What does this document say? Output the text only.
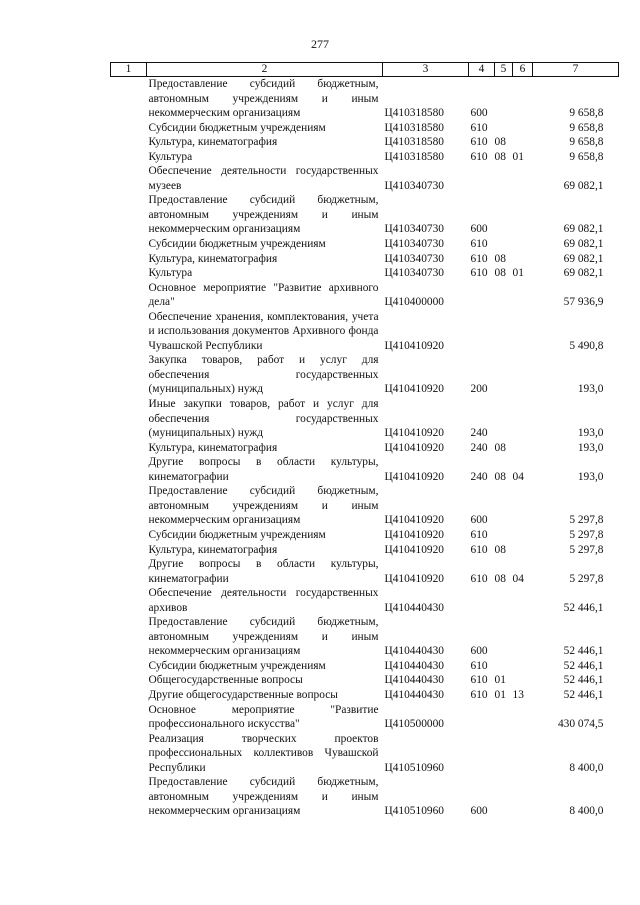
277
1	2	3	4	5	6	7
	Предоставление субсидий бюджетным, автономным учреждениям и иным некоммерческим организациям	Ц410318580	600			9 658,8
	Субсидии бюджетным учреждениям	Ц410318580	610			9 658,8
	Культура, кинематография	Ц410318580	610	08		9 658,8
	Культура	Ц410318580	610	08	01	9 658,8
	Обеспечение деятельности государственных музеев	Ц410340730				69 082,1
	Предоставление субсидий бюджетным, автономным учреждениям и иным некоммерческим организациям	Ц410340730	600			69 082,1
	Субсидии бюджетным учреждениям	Ц410340730	610			69 082,1
	Культура, кинематография	Ц410340730	610	08		69 082,1
	Культура	Ц410340730	610	08	01	69 082,1
	Основное мероприятие "Развитие архивного дела"	Ц410400000				57 936,9
	Обеспечение хранения, комплектования, учета и использования документов Архивного фонда Чувашской Республики	Ц410410920				5 490,8
	Закупка товаров, работ и услуг для обеспечения государственных (муниципальных) нужд	Ц410410920	200			193,0
	Иные закупки товаров, работ и услуг для обеспечения государственных (муниципальных) нужд	Ц410410920	240			193,0
	Культура, кинематография	Ц410410920	240	08		193,0
	Другие вопросы в области культуры, кинематографии	Ц410410920	240	08	04	193,0
	Предоставление субсидий бюджетным, автономным учреждениям и иным некоммерческим организациям	Ц410410920	600			5 297,8
	Субсидии бюджетным учреждениям	Ц410410920	610			5 297,8
	Культура, кинематография	Ц410410920	610	08		5 297,8
	Другие вопросы в области культуры, кинематографии	Ц410410920	610	08	04	5 297,8
	Обеспечение деятельности государственных архивов	Ц410440430				52 446,1
	Предоставление субсидий бюджетным, автономным учреждениям и иным некоммерческим организациям	Ц410440430	600			52 446,1
	Субсидии бюджетным учреждениям	Ц410440430	610			52 446,1
	Общегосударственные вопросы	Ц410440430	610	01		52 446,1
	Другие общегосударственные вопросы	Ц410440430	610	01	13	52 446,1
	Основное мероприятие "Развитие профессионального искусства"	Ц410500000				430 074,5
	Реализация творческих проектов профессиональных коллективов Чувашской Республики	Ц410510960				8 400,0
	Предоставление субсидий бюджетным, автономным учреждениям и иным некоммерческим организациям	Ц410510960	600			8 400,0
